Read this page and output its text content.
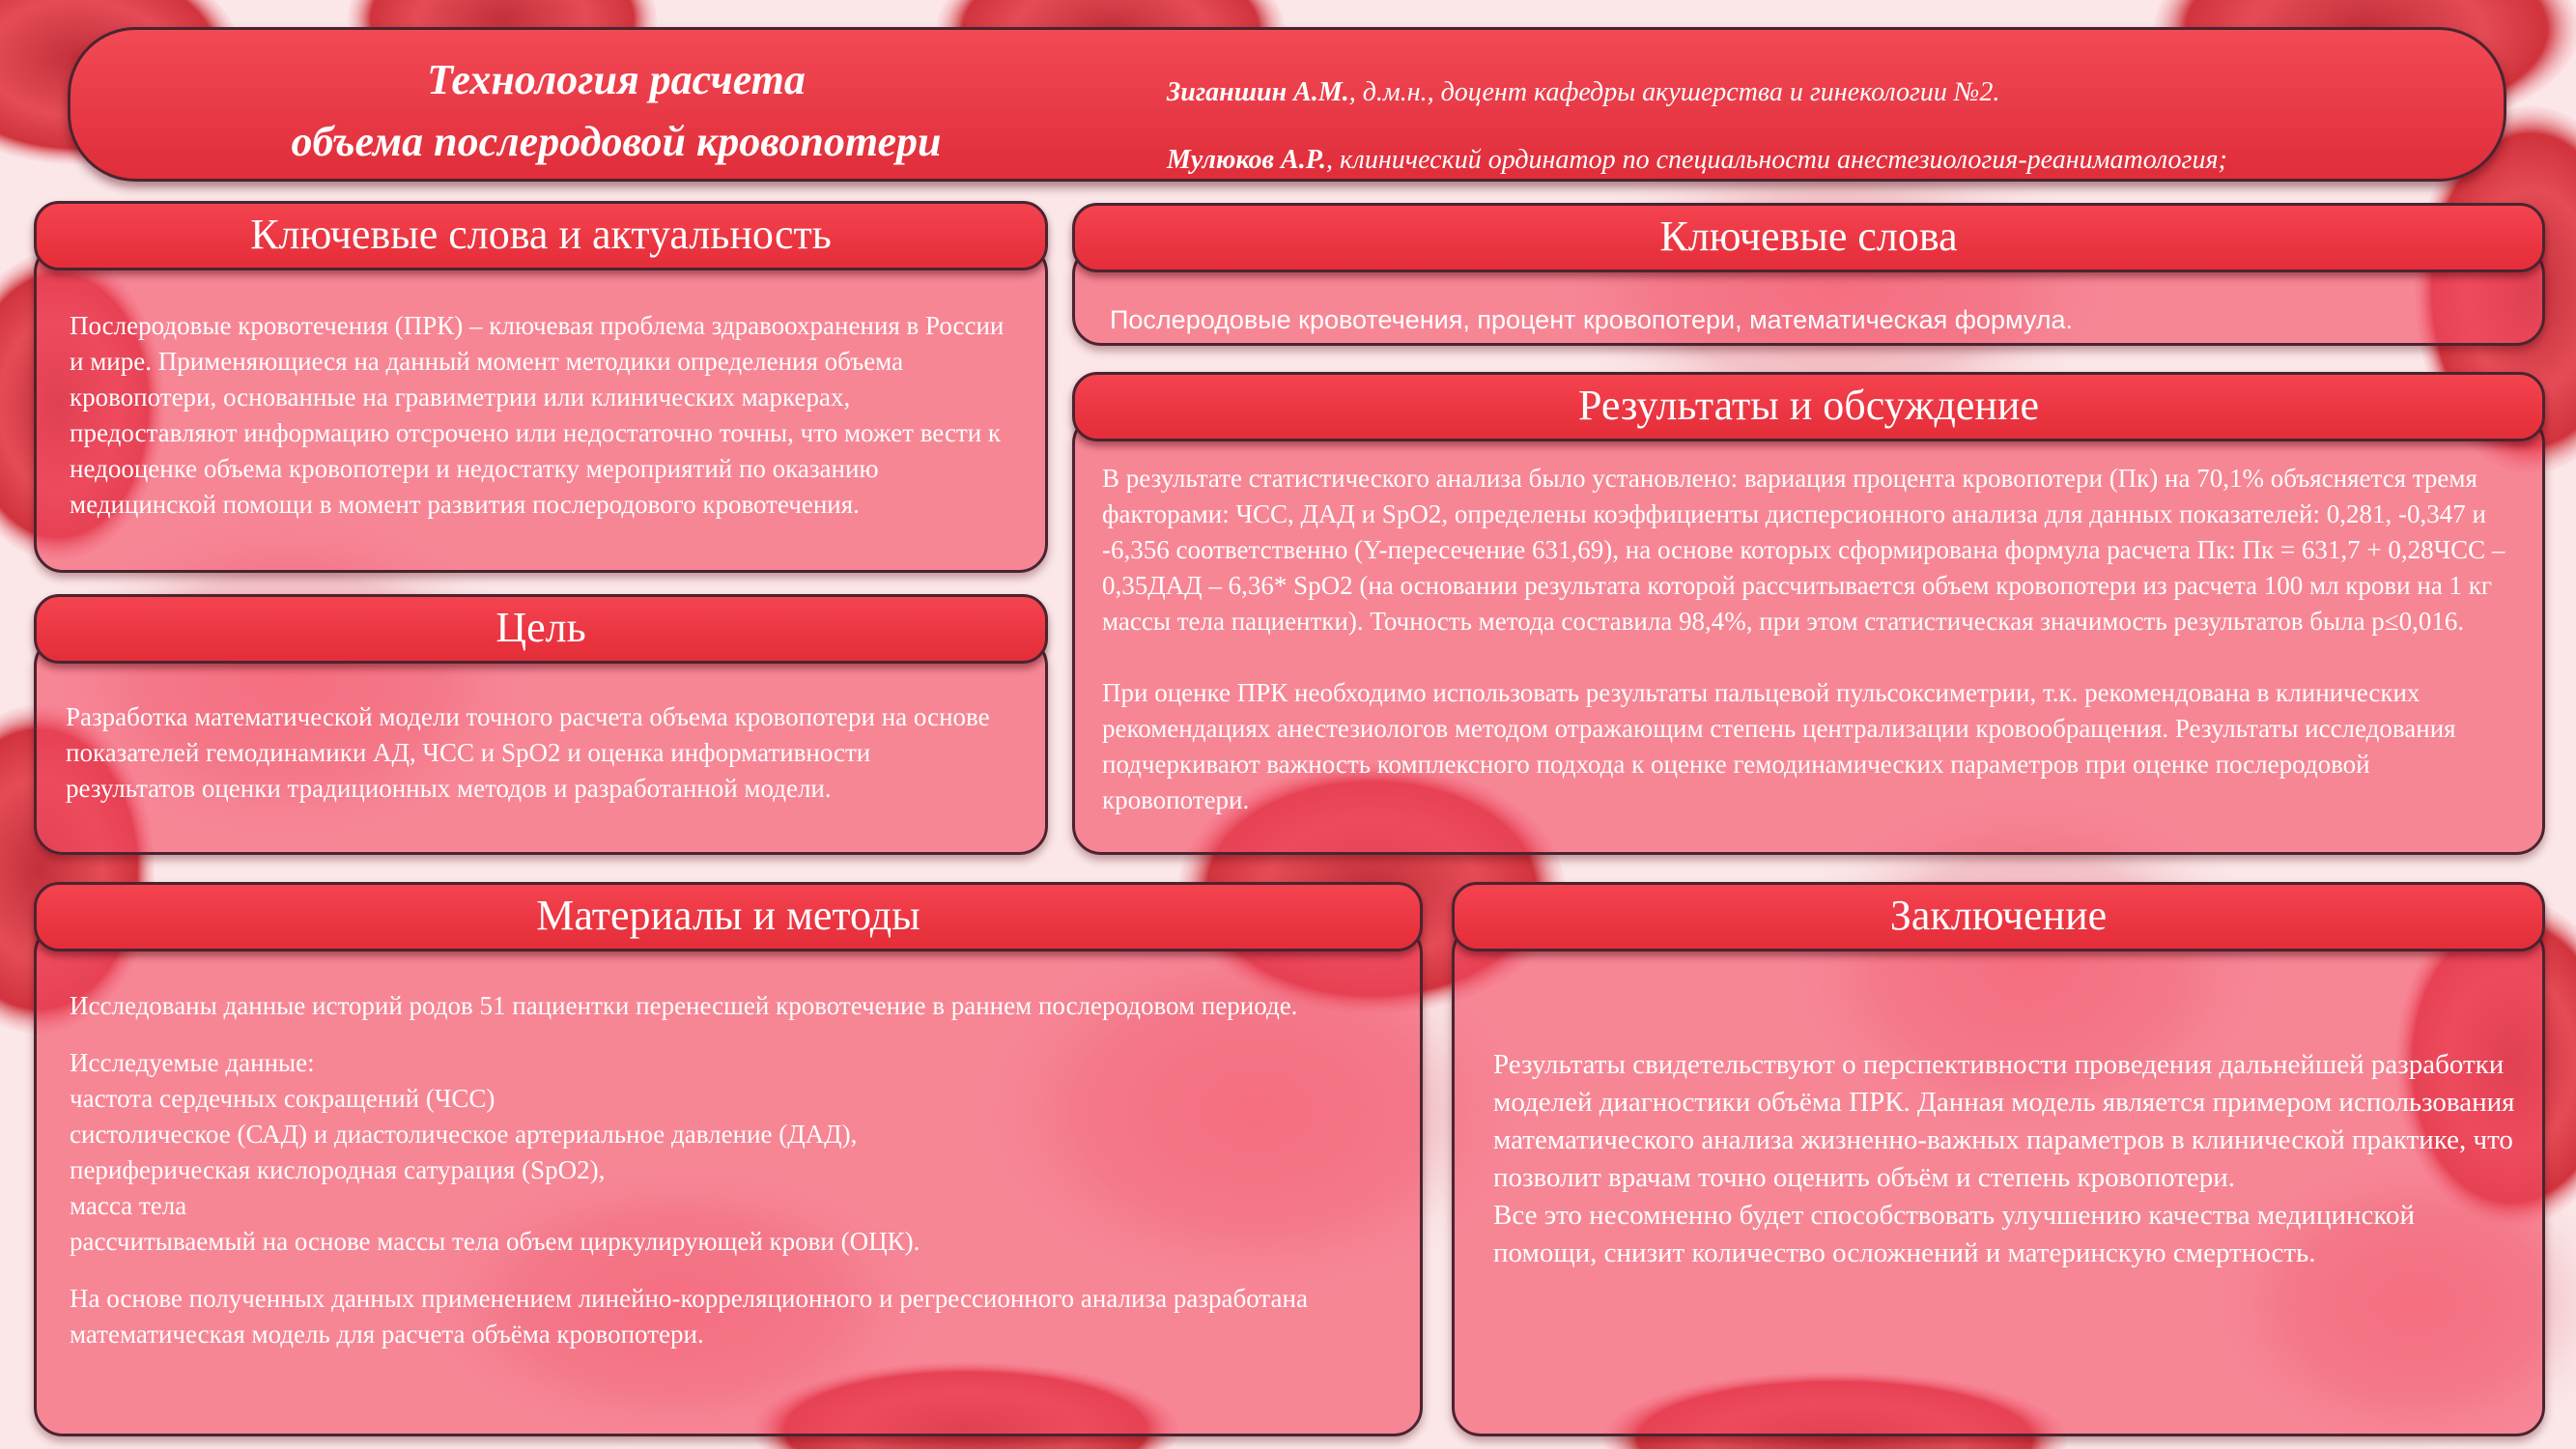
Технология расчета
объема послеродовой кровопотери
Зиганшин А.М., д.м.н., доцент кафедры акушерства и гинекологии №2.
Мулюков А.Р., клинический ординатор по специальности анестезиология-реаниматология;
Ключевые слова и актуальность

Послеродовые кровотечения (ПРК) – ключевая проблема здравоохранения в России и мире. Применяющиеся на данный момент методики определения объема кровопотери, основанные на гравиметрии или клинических маркерах, предоставляют информацию отсрочено или недостаточно точны, что может вести к недооценке объема кровопотери и недостатку мероприятий по оказанию медицинской помощи в момент развития послеродового кровотечения.

Цель

Разработка математической модели точного расчета объема кровопотери на основе показателей гемодинамики АД, ЧСС и SpO2 и оценка информативности результатов оценки традиционных методов и разработанной модели.

Ключевые слова

Послеродовые кровотечения, процент кровопотери, математическая формула.

Результаты и обсуждение

В результате статистического анализа было установлено: вариация процента кровопотери (Пк) на 70,1% объясняется тремя факторами: ЧСС, ДАД и SpO2, определены коэффициенты дисперсионного анализа для данных показателей: 0,281, -0,347 и -6,356 соответственно (Y-пересечение 631,69), на основе которых сформирована формула расчета Пк: Пк = 631,7 + 0,28ЧСС – 0,35ДАД – 6,36* SpO2 (на основании результата которой рассчитывается объем кровопотери из расчета 100 мл крови на 1 кг массы тела пациентки). Точность метода составила 98,4%, при этом статистическая значимость результатов была p≤0,016.

При оценке ПРК необходимо использовать результаты пальцевой пульсоксиметрии, т.к. рекомендована в клинических рекомендациях анестезиологов методом отражающим степень централизации кровообращения. Результаты исследования подчеркивают важность комплексного подхода к оценке гемодинамических параметров при оценке послеродовой кровопотери.

Материалы и методы

Исследованы данные историй родов 51 пациентки перенесшей кровотечение в раннем послеродовом периоде.

Исследуемые данные:

частота сердечных сокращений (ЧСС)

систолическое (САД) и диастолическое артериальное давление (ДАД),

периферическая кислородная сатурация (SpO2),

масса тела

рассчитываемый на основе массы тела объем циркулирующей крови (ОЦК).

На основе полученных данных применением линейно-корреляционного и регрессионного анализа разработана математическая модель для расчета объёма кровопотери.

Заключение

Результаты свидетельствуют о перспективности проведения дальнейшей разработки моделей диагностики объёма ПРК. Данная модель является примером использования математического анализа жизненно-важных параметров в клинической практике, что позволит врачам точно оценить объём и степень кровопотери.

Все это несомненно будет способствовать улучшению качества медицинской помощи, снизит количество осложнений и материнскую смертность.
